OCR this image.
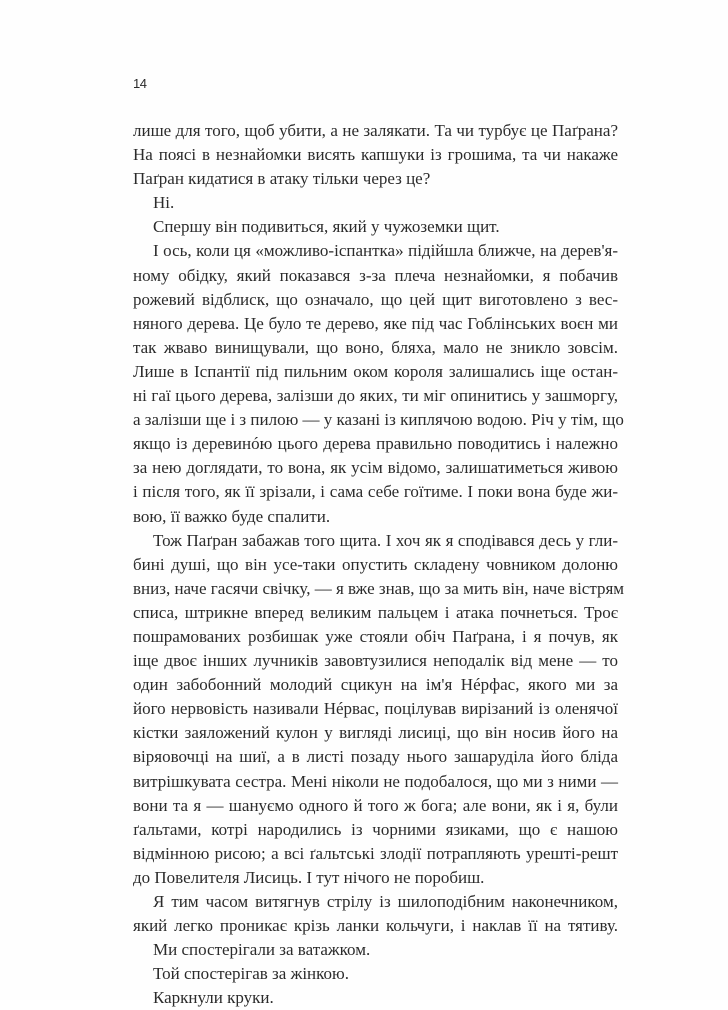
14
лише для того, щоб убити, а не залякати. Та чи турбує це Паґрана?
На поясі в незнайомки висять капшуки із грошима, та чи накаже
Паґран кидатися в атаку тільки через це?
Ні.
Спершу він подивиться, який у чужоземки щит.
І ось, коли ця «можливо-іспантка» підійшла ближче, на дерев'я-
ному обідку, який показався з-за плеча незнайомки, я побачив
рожевий відблиск, що означало, що цей щит виготовлено з вес-
няного дерева. Це було те дерево, яке під час Гоблінських воєн ми
так жваво винищували, що воно, бляха, мало не зникло зовсім.
Лише в Іспантії під пильним оком короля залишались іще остан-
ні гаї цього дерева, залізши до яких, ти міг опинитись у зашморгу,
а залізши ще і з пилою — у казані із киплячою водою. Річ у тім, що
якщо із деревинóю цього дерева правильно поводитись і належно
за нею доглядати, то вона, як усім відомо, залишатиметься живою
і після того, як її зрізали, і сама себе гоїтиме. І поки вона буде жи-
вою, її важко буде спалити.
Тож Паґран забажав того щита. І хоч як я сподівався десь у гли-
бині душі, що він усе-таки опустить складену човником долоню
вниз, наче гасячи свічку, — я вже знав, що за мить він, наче вістрям
списа, штрикне вперед великим пальцем і атака почнеться. Троє
пошрамованих розбишак уже стояли обіч Паґрана, і я почув, як
іще двоє інших лучників завовтузилися неподалік від мене — то
один забобонний молодий сцикун на ім'я Нéрфас, якого ми за
його нервовість називали Нéрвас, поцілував вирізаний із оленячої
кістки заяложений кулон у вигляді лисиці, що він носив його на
віряовочці на шиї, а в листі позаду нього зашаруділа його бліда
витрішкувата сестра. Мені ніколи не подобалося, що ми з ними —
вони та я — шануємо одного й того ж бога; але вони, як і я, були
ґальтами, котрі народились із чорними язиками, що є нашою
відмінною рисою; а всі ґальтські злодії потрапляють урешті-решт
до Повелителя Лисиць. І тут нічого не поробиш.
Я тим часом витягнув стрілу із шилоподібним наконечником,
який легко проникає крізь ланки кольчуги, і наклав її на тятиву.
Ми спостерігали за ватажком.
Той спостерігав за жінкою.
Каркнули круки.
